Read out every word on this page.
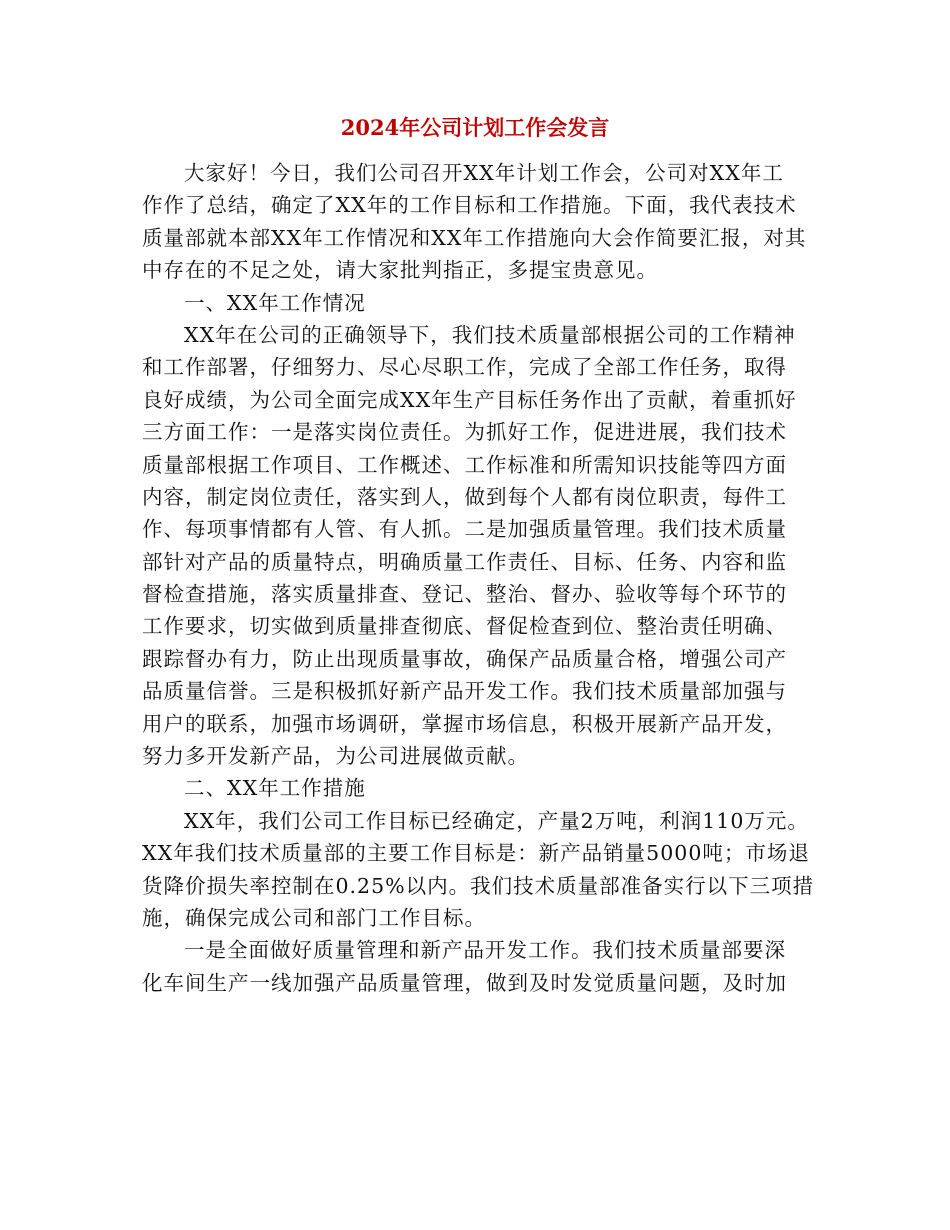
2024年公司计划工作会发言
大家好！今日，我们公司召开XX年计划工作会，公司对XX年工
作作了总结，确定了XX年的工作目标和工作措施。下面，我代表技术
质量部就本部XX年工作情况和XX年工作措施向大会作简要汇报，对其
中存在的不足之处，请大家批判指正，多提宝贵意见。
一、XX年工作情况
XX年在公司的正确领导下，我们技术质量部根据公司的工作精神
和工作部署，仔细努力、尽心尽职工作，完成了全部工作任务，取得
良好成绩，为公司全面完成XX年生产目标任务作出了贡献，着重抓好
三方面工作：一是落实岗位责任。为抓好工作，促进进展，我们技术
质量部根据工作项目、工作概述、工作标准和所需知识技能等四方面
内容，制定岗位责任，落实到人，做到每个人都有岗位职责，每件工
作、每项事情都有人管、有人抓。二是加强质量管理。我们技术质量
部针对产品的质量特点，明确质量工作责任、目标、任务、内容和监
督检查措施，落实质量排查、登记、整治、督办、验收等每个环节的
工作要求，切实做到质量排查彻底、督促检查到位、整治责任明确、
跟踪督办有力，防止出现质量事故，确保产品质量合格，增强公司产
品质量信誉。三是积极抓好新产品开发工作。我们技术质量部加强与
用户的联系，加强市场调研，掌握市场信息，积极开展新产品开发，
努力多开发新产品，为公司进展做贡献。
二、XX年工作措施
XX年，我们公司工作目标已经确定，产量2万吨，利润110万元。
XX年我们技术质量部的主要工作目标是：新产品销量5000吨；市场退
货降价损失率控制在0.25%以内。我们技术质量部准备实行以下三项措
施，确保完成公司和部门工作目标。
一是全面做好质量管理和新产品开发工作。我们技术质量部要深
化车间生产一线加强产品质量管理，做到及时发觉质量问题，及时加
